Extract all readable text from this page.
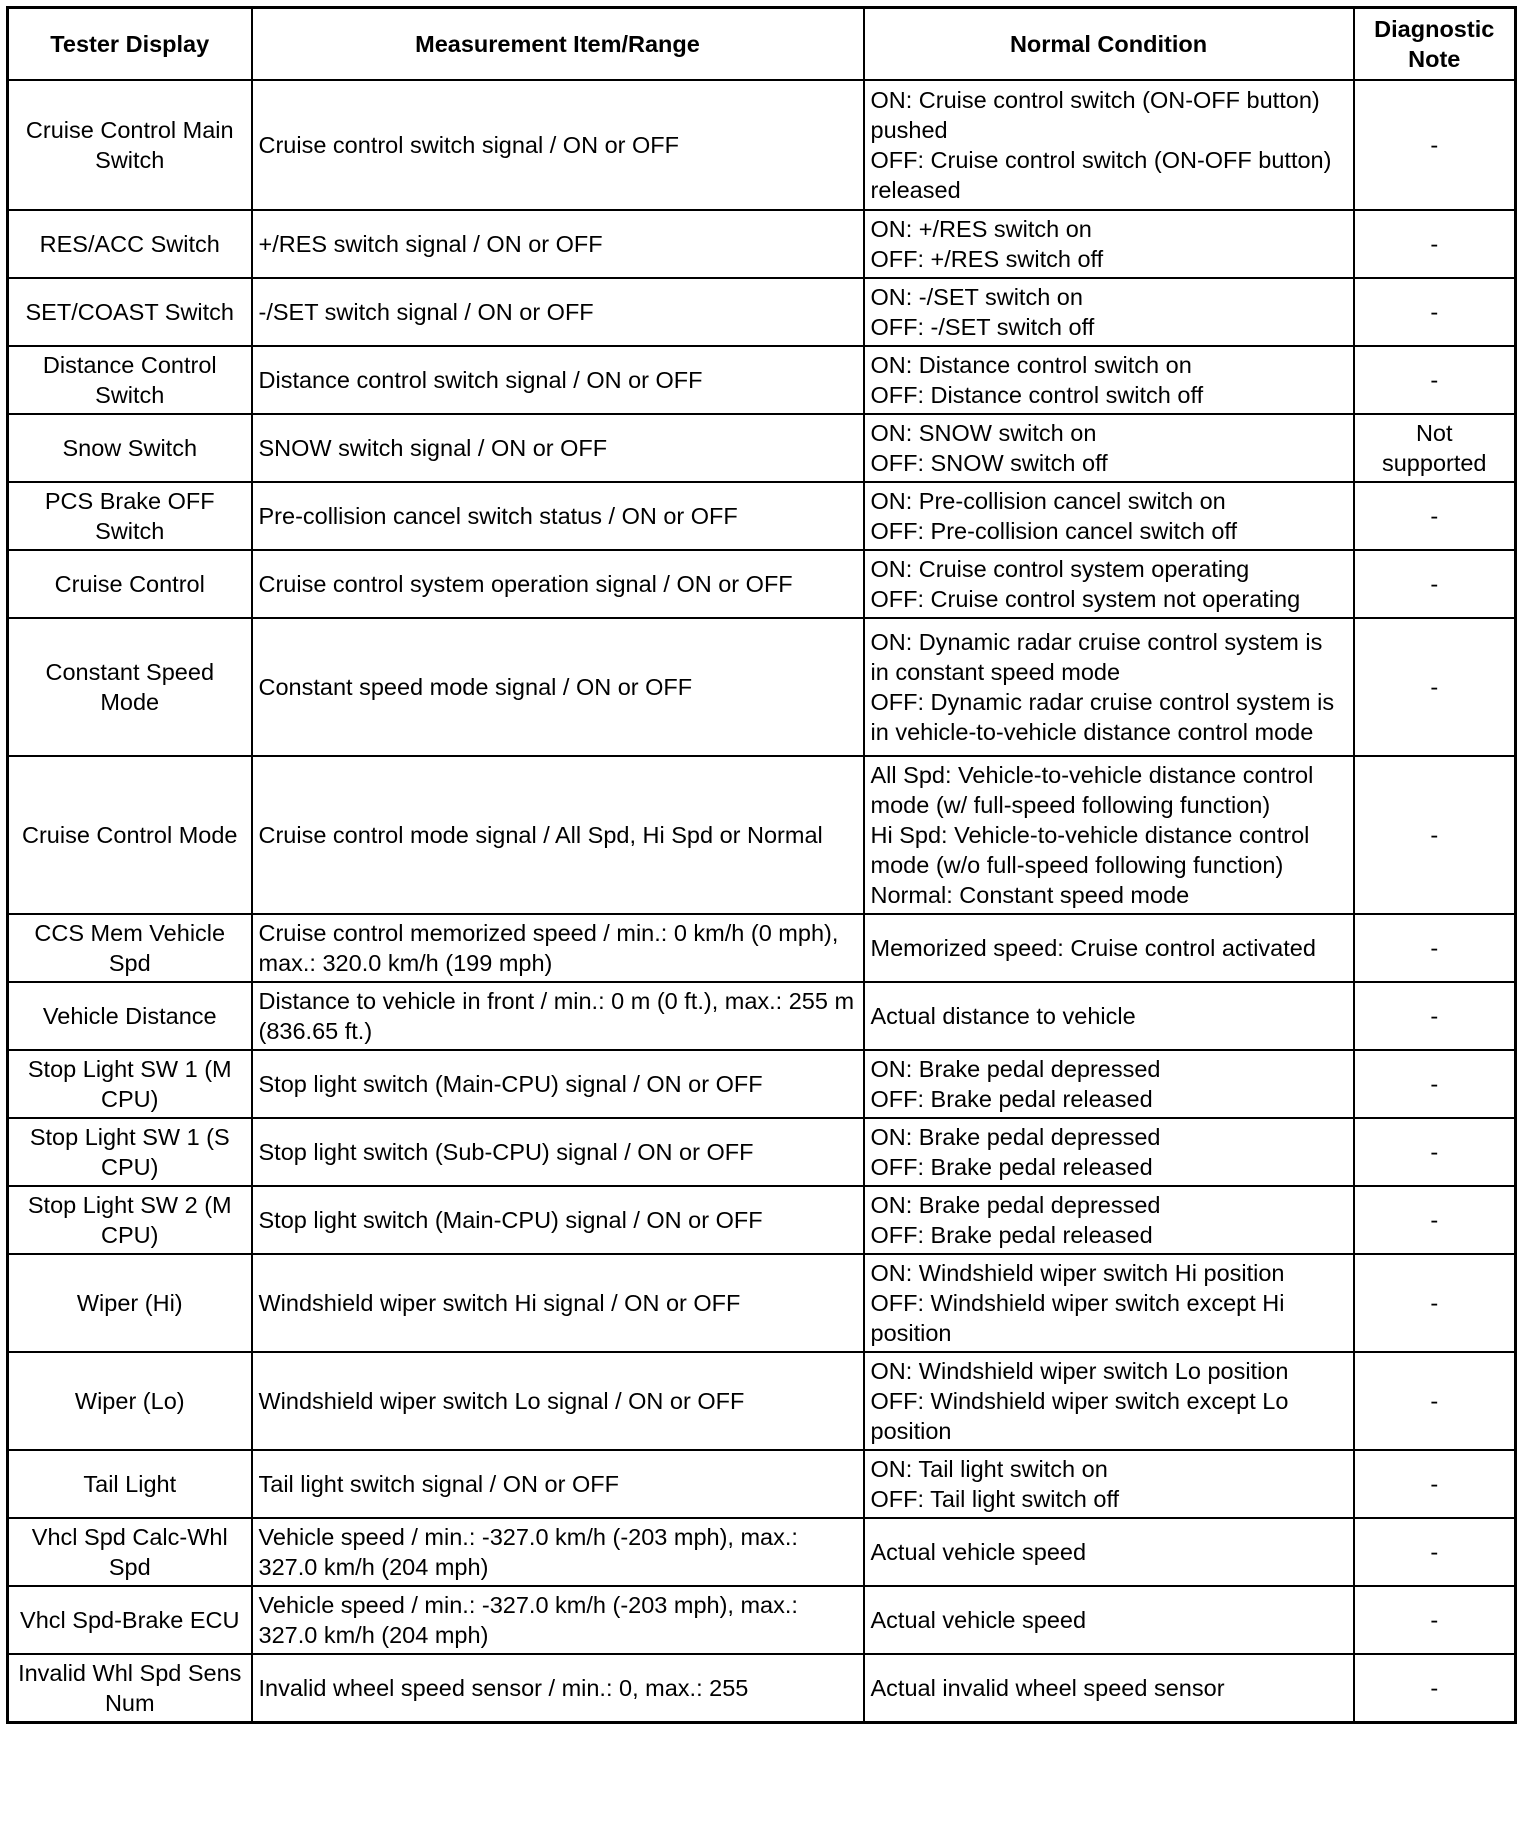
Tester Display	Measurement Item/Range	Normal Condition	Diagnostic Note
Cruise Control Main Switch	Cruise control switch signal / ON or OFF	ON: Cruise control switch (ON-OFF button) pushed
OFF: Cruise control switch (ON-OFF button) released	-
RES/ACC Switch	+/RES switch signal / ON or OFF	ON: +/RES switch on
OFF: +/RES switch off	-
SET/COAST Switch	-/SET switch signal / ON or OFF	ON: -/SET switch on
OFF: -/SET switch off	-
Distance Control Switch	Distance control switch signal / ON or OFF	ON: Distance control switch on
OFF: Distance control switch off	-
Snow Switch	SNOW switch signal / ON or OFF	ON: SNOW switch on
OFF: SNOW switch off	Not supported
PCS Brake OFF Switch	Pre-collision cancel switch status / ON or OFF	ON: Pre-collision cancel switch on
OFF: Pre-collision cancel switch off	-
Cruise Control	Cruise control system operation signal / ON or OFF	ON: Cruise control system operating
OFF: Cruise control system not operating	-
Constant Speed Mode	Constant speed mode signal / ON or OFF	ON: Dynamic radar cruise control system is in constant speed mode
OFF: Dynamic radar cruise control system is in vehicle-to-vehicle distance control mode	-
Cruise Control Mode	Cruise control mode signal / All Spd, Hi Spd or Normal	All Spd: Vehicle-to-vehicle distance control mode (w/ full-speed following function)
Hi Spd: Vehicle-to-vehicle distance control mode (w/o full-speed following function)
Normal: Constant speed mode	-
CCS Mem Vehicle Spd	Cruise control memorized speed / min.: 0 km/h (0 mph), max.: 320.0 km/h (199 mph)	Memorized speed: Cruise control activated	-
Vehicle Distance	Distance to vehicle in front / min.: 0 m (0 ft.), max.: 255 m (836.65 ft.)	Actual distance to vehicle	-
Stop Light SW 1 (M CPU)	Stop light switch (Main-CPU) signal / ON or OFF	ON: Brake pedal depressed
OFF: Brake pedal released	-
Stop Light SW 1 (S CPU)	Stop light switch (Sub-CPU) signal / ON or OFF	ON: Brake pedal depressed
OFF: Brake pedal released	-
Stop Light SW 2 (M CPU)	Stop light switch (Main-CPU) signal / ON or OFF	ON: Brake pedal depressed
OFF: Brake pedal released	-
Wiper (Hi)	Windshield wiper switch Hi signal / ON or OFF	ON: Windshield wiper switch Hi position
OFF: Windshield wiper switch except Hi position	-
Wiper (Lo)	Windshield wiper switch Lo signal / ON or OFF	ON: Windshield wiper switch Lo position
OFF: Windshield wiper switch except Lo position	-
Tail Light	Tail light switch signal / ON or OFF	ON: Tail light switch on
OFF: Tail light switch off	-
Vhcl Spd Calc-Whl Spd	Vehicle speed / min.: -327.0 km/h (-203 mph), max.: 327.0 km/h (204 mph)	Actual vehicle speed	-
Vhcl Spd-Brake ECU	Vehicle speed / min.: -327.0 km/h (-203 mph), max.: 327.0 km/h (204 mph)	Actual vehicle speed	-
Invalid Whl Spd Sens Num	Invalid wheel speed sensor / min.: 0, max.: 255	Actual invalid wheel speed sensor	-
